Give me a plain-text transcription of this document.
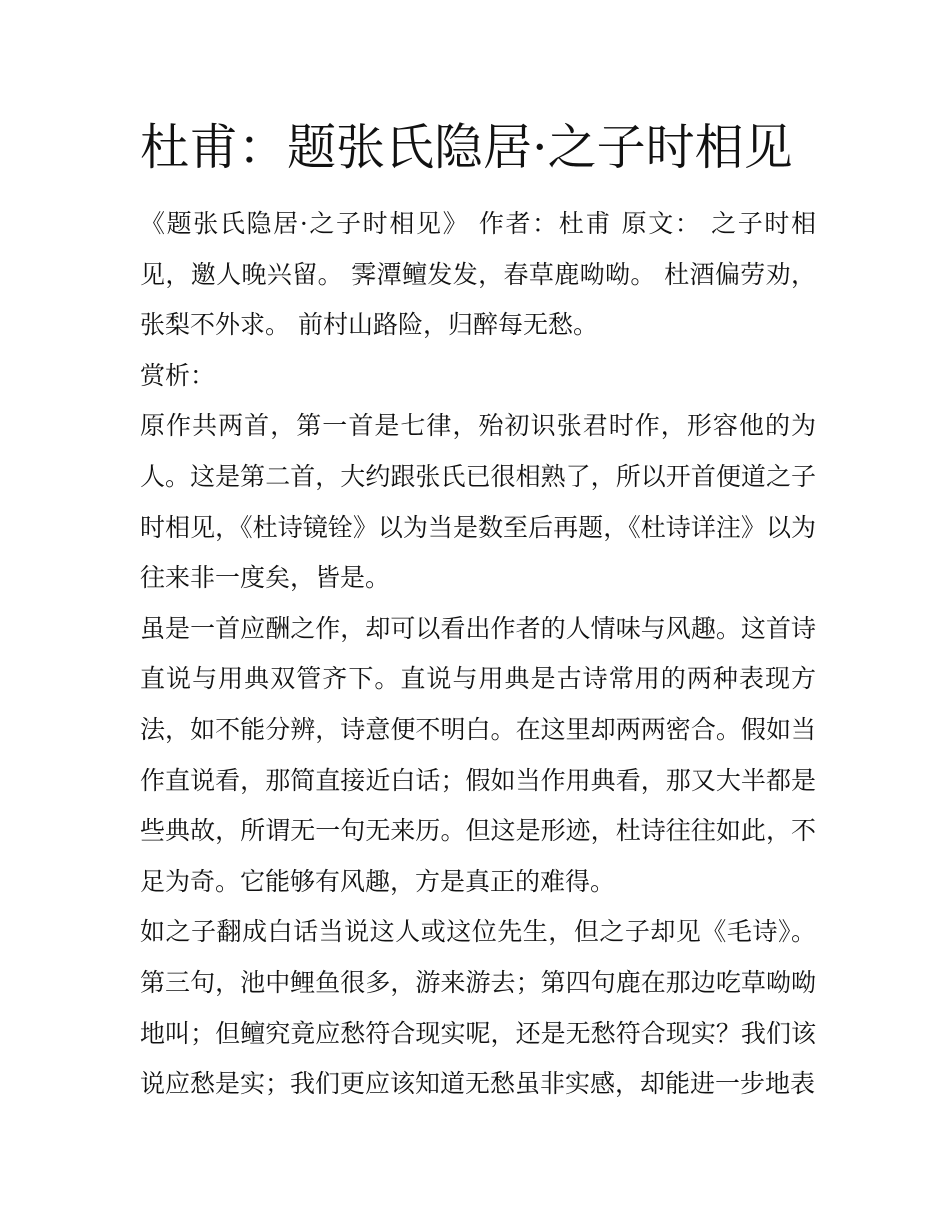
杜甫：题张氏隐居·之子时相见

《题张氏隐居·之子时相见》 作者：杜甫 原文： 之子时相见，邀人晚兴留。 霁潭鳣发发，春草鹿呦呦。 杜酒偏劳劝，张梨不外求。 前村山路险，归醉每无愁。

赏析：

原作共两首，第一首是七律，殆初识张君时作，形容他的为人。这是第二首，大约跟张氏已很相熟了，所以开首便道之子时相见，《杜诗镜铨》以为当是数至后再题，《杜诗详注》以为往来非一度矣，皆是。

虽是一首应酬之作，却可以看出作者的人情味与风趣。这首诗直说与用典双管齐下。直说与用典是古诗常用的两种表现方法，如不能分辨，诗意便不明白。在这里却两两密合。假如当作直说看，那简直接近白话；假如当作用典看，那又大半都是些典故，所谓无一句无来历。但这是形迹，杜诗往往如此，不足为奇。它能够有风趣，方是真正的难得。

如之子翻成白话当说这人或这位先生，但之子却见《毛诗》。第三句，池中鲤鱼很多，游来游去；第四句鹿在那边吃草呦呦地叫；但鳣究竟应愁符合现实呢，还是无愁符合现实？我们该说应愁是实；我们更应该知道无愁虽非实感，却能进一步地表
